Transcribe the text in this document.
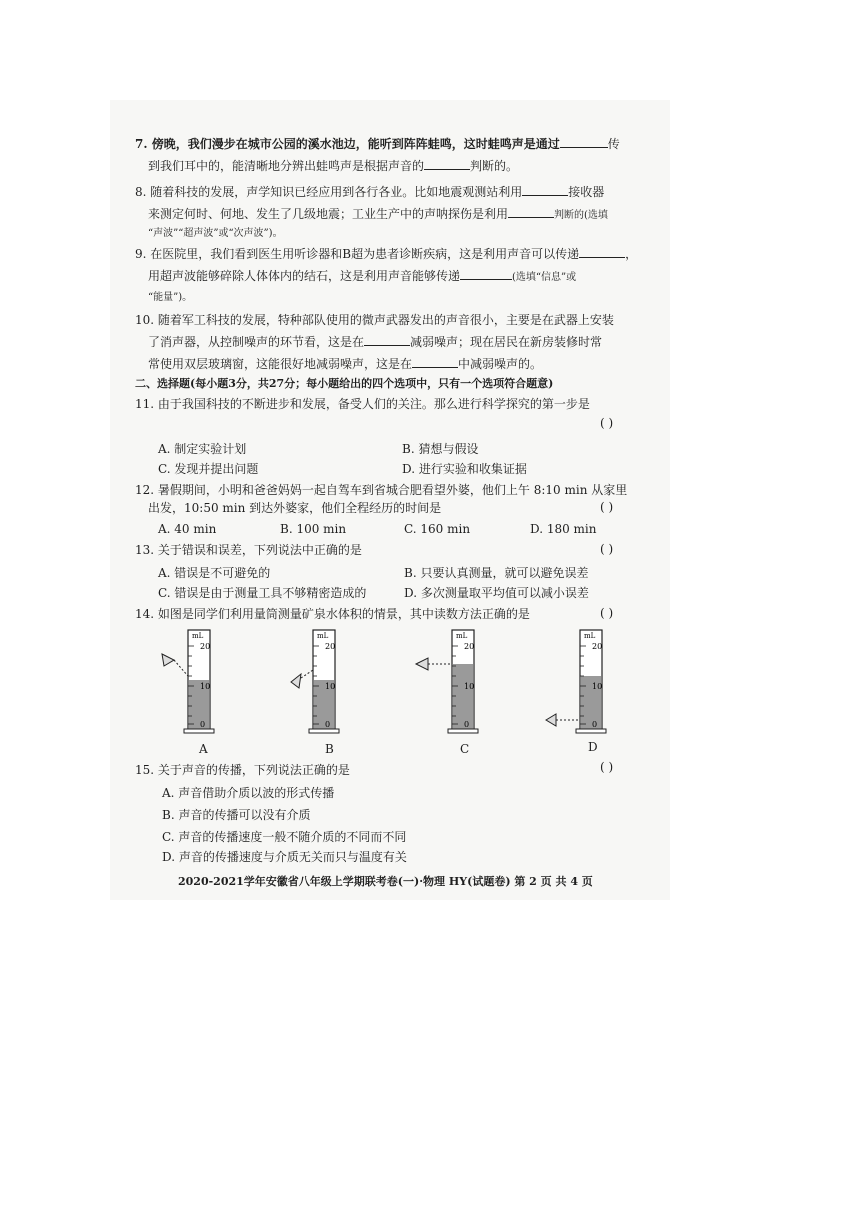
7. 傍晚，我们漫步在城市公园的溪水池边，能听到阵阵蛙鸣，这时蛙鸣声是通过	传
到我们耳中的，能清晰地分辨出蛙鸣声是根据声音的	判断的。
8. 随着科技的发展，声学知识已经应用到各行各业。比如地震观测站利用	接收器
来测定何时、何地、发生了几级地震；工业生产中的声呐探伤是利用	判断的(选填
“声波”“超声波”或“次声波”)。
9. 在医院里，我们看到医生用听诊器和B超为患者诊断疾病，这是利用声音可以传递	，
用超声波能够碎除人体体内的结石，这是利用声音能够传递	(选填“信息”或
“能量”)。
10. 随着军工科技的发展，特种部队使用的微声武器发出的声音很小，主要是在武器上安装
了消声器，从控制噪声的环节看，这是在	减弱噪声；现在居民在新房装修时常
常使用双层玻璃窗，这能很好地减弱噪声，这是在	中减弱噪声的。
二、选择题(每小题3分，共27分；每小题给出的四个选项中，只有一个选项符合题意)
11. 由于我国科技的不断进步和发展，备受人们的关注。那么进行科学探究的第一步是
( )
A. 制定实验计划	B. 猜想与假设
C. 发现并提出问题	D. 进行实验和收集证据
12. 暑假期间，小明和爸爸妈妈一起自驾车到省城合肥看望外婆，他们上午 8:10 min 从家里
出发，10:50 min 到达外婆家，他们全程经历的时间是	( )
A. 40 min	B. 100 min	C. 160 min	D. 180 min
13. 关于错误和误差，下列说法中正确的是	( )
A. 错误是不可避免的	B. 只要认真测量，就可以避免误差
C. 错误是由于测量工具不够精密造成的	D. 多次测量取平均值可以减小误差
14. 如图是同学们利用量筒测量矿泉水体积的情景，其中读数方法正确的是	( )
mL
20
10
0
A
mL
20
10
0
B
mL
20
10
0
C
mL
20
10
0
D
15. 关于声音的传播，下列说法正确的是	( )
A. 声音借助介质以波的形式传播
B. 声音的传播可以没有介质
C. 声音的传播速度一般不随介质的不同而不同
D. 声音的传播速度与介质无关而只与温度有关
2020-2021学年安徽省八年级上学期联考卷(一)·物理 HY(试题卷) 第 2 页 共 4 页
